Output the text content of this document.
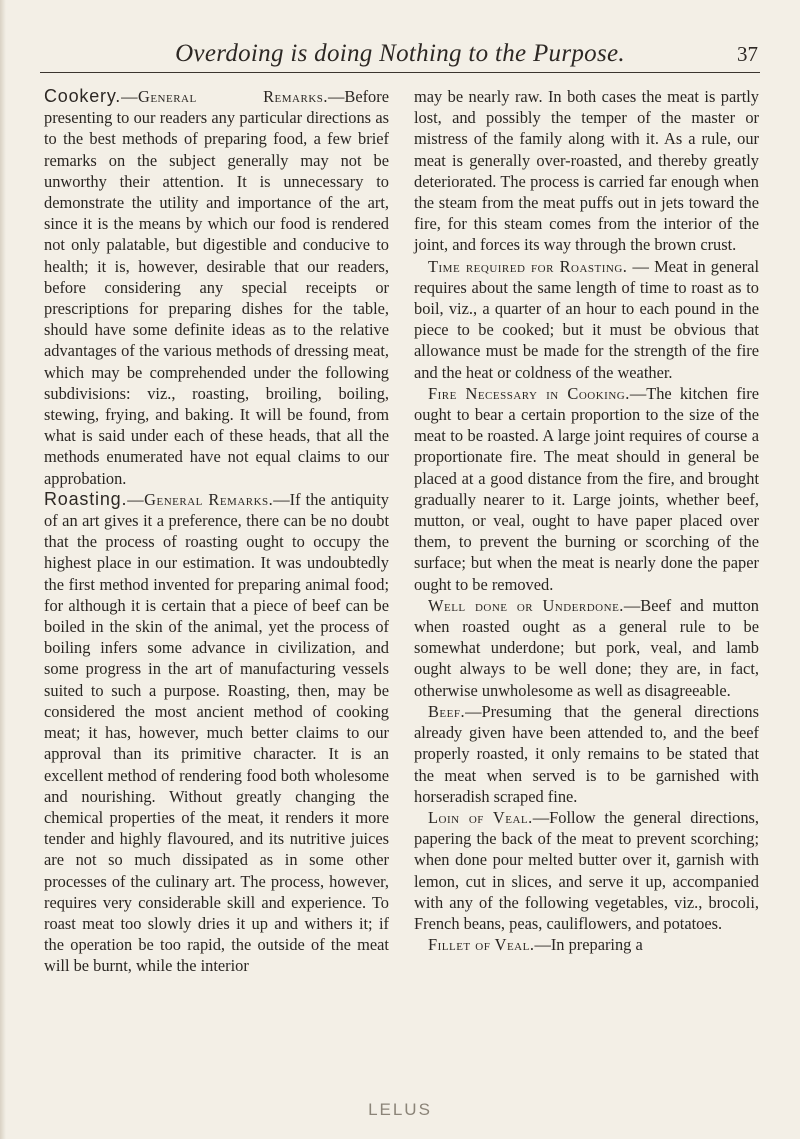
Overdoing is doing Nothing to the Purpose.	37

Cookery.—General Remarks.—Before presenting to our readers any particular directions as to the best methods of preparing food, a few brief remarks on the subject generally may not be unworthy their attention. It is unnecessary to demonstrate the utility and importance of the art, since it is the means by which our food is rendered not only palatable, but digestible and conducive to health; it is, however, desirable that our readers, before considering any special receipts or prescriptions for preparing dishes for the table, should have some definite ideas as to the relative advantages of the various methods of dressing meat, which may be comprehended under the following subdivisions: viz., roasting, broiling, boiling, stewing, frying, and baking. It will be found, from what is said under each of these heads, that all the methods enumerated have not equal claims to our approbation.

Roasting.—General Remarks.—If the antiquity of an art gives it a preference, there can be no doubt that the process of roasting ought to occupy the highest place in our estimation. It was undoubtedly the first method invented for preparing animal food; for although it is certain that a piece of beef can be boiled in the skin of the animal, yet the process of boiling infers some advance in civilization, and some progress in the art of manufacturing vessels suited to such a purpose. Roasting, then, may be considered the most ancient method of cooking meat; it has, however, much better claims to our approval than its primitive character. It is an excellent method of rendering food both wholesome and nourishing. Without greatly changing the chemical properties of the meat, it renders it more tender and highly flavoured, and its nutritive juices are not so much dissipated as in some other processes of the culinary art. The process, however, requires very considerable skill and experience. To roast meat too slowly dries it up and withers it; if the operation be too rapid, the outside of the meat will be burnt, while the interior

may be nearly raw. In both cases the meat is partly lost, and possibly the temper of the master or mistress of the family along with it. As a rule, our meat is generally over-roasted, and thereby greatly deteriorated. The process is carried far enough when the steam from the meat puffs out in jets toward the fire, for this steam comes from the interior of the joint, and forces its way through the brown crust.

Time required for Roasting. — Meat in general requires about the same length of time to roast as to boil, viz., a quarter of an hour to each pound in the piece to be cooked; but it must be obvious that allowance must be made for the strength of the fire and the heat or coldness of the weather.

Fire Necessary in Cooking.—The kitchen fire ought to bear a certain proportion to the size of the meat to be roasted. A large joint requires of course a proportionate fire. The meat should in general be placed at a good distance from the fire, and brought gradually nearer to it. Large joints, whether beef, mutton, or veal, ought to have paper placed over them, to prevent the burning or scorching of the surface; but when the meat is nearly done the paper ought to be removed.

Well done or Underdone.—Beef and mutton when roasted ought as a general rule to be somewhat underdone; but pork, veal, and lamb ought always to be well done; they are, in fact, otherwise unwholesome as well as disagreeable.

Beef.—Presuming that the general directions already given have been attended to, and the beef properly roasted, it only remains to be stated that the meat when served is to be garnished with horseradish scraped fine.

Loin of Veal.—Follow the general directions, papering the back of the meat to prevent scorching; when done pour melted butter over it, garnish with lemon, cut in slices, and serve it up, accompanied with any of the following vegetables, viz., brocoli, French beans, peas, cauliflowers, and potatoes.

Fillet of Veal.—In preparing a

LELUS
